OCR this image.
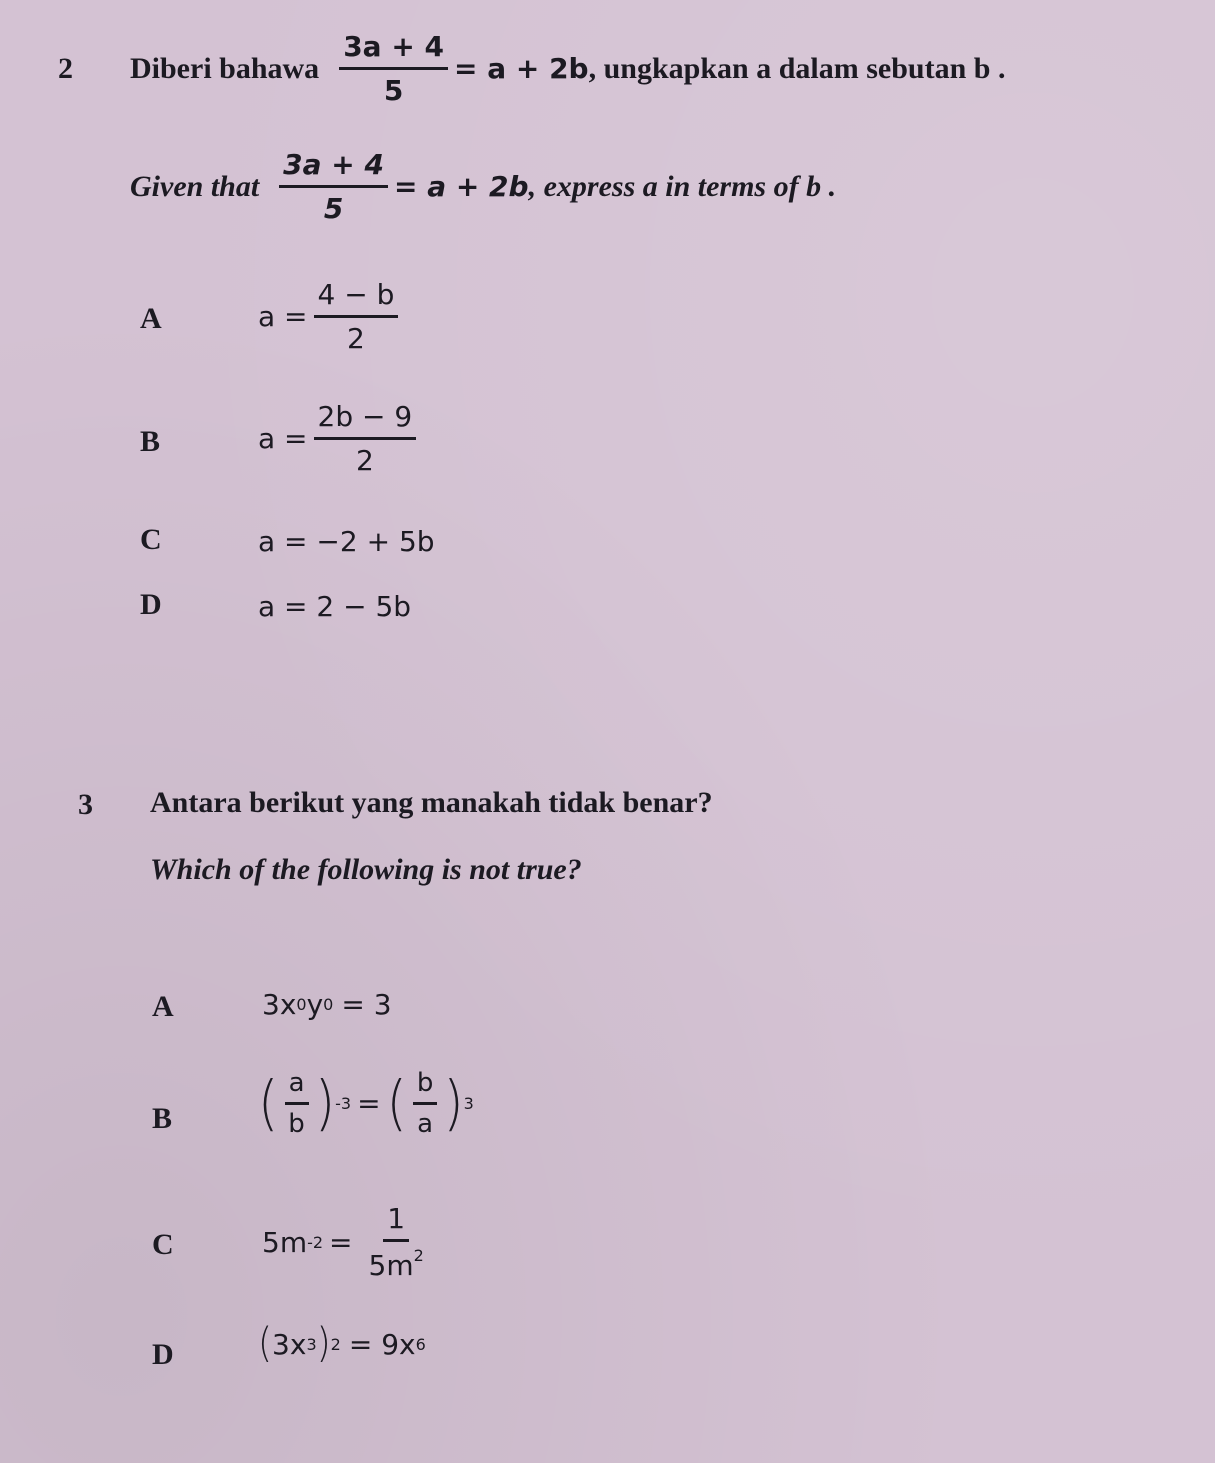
2 Diberi bahawa $\frac{3a + 4}{5} = a + 2b$ , ungkapkan a dalam sebutan b .
Given that $\frac{3a + 4}{5} = a + 2b$ , express a in terms of b .
A	$a = \frac{4 - b}{2}$
B	$a = \frac{2b - 9}{2}$
C	a = −2 + 5b
D	a = 2 − 5b
3 Antara berikut yang manakah tidak benar?
Which of the following is not true?
A	3x 0 y 0 = 3
B ( $\frac{a}{b}$ ) -3 = ( $\frac{b}{a}$ ) 3
C	5m $-2 = \frac{1}{5m^2}$
D ( 3x 3 ) 2 = 9x 6
